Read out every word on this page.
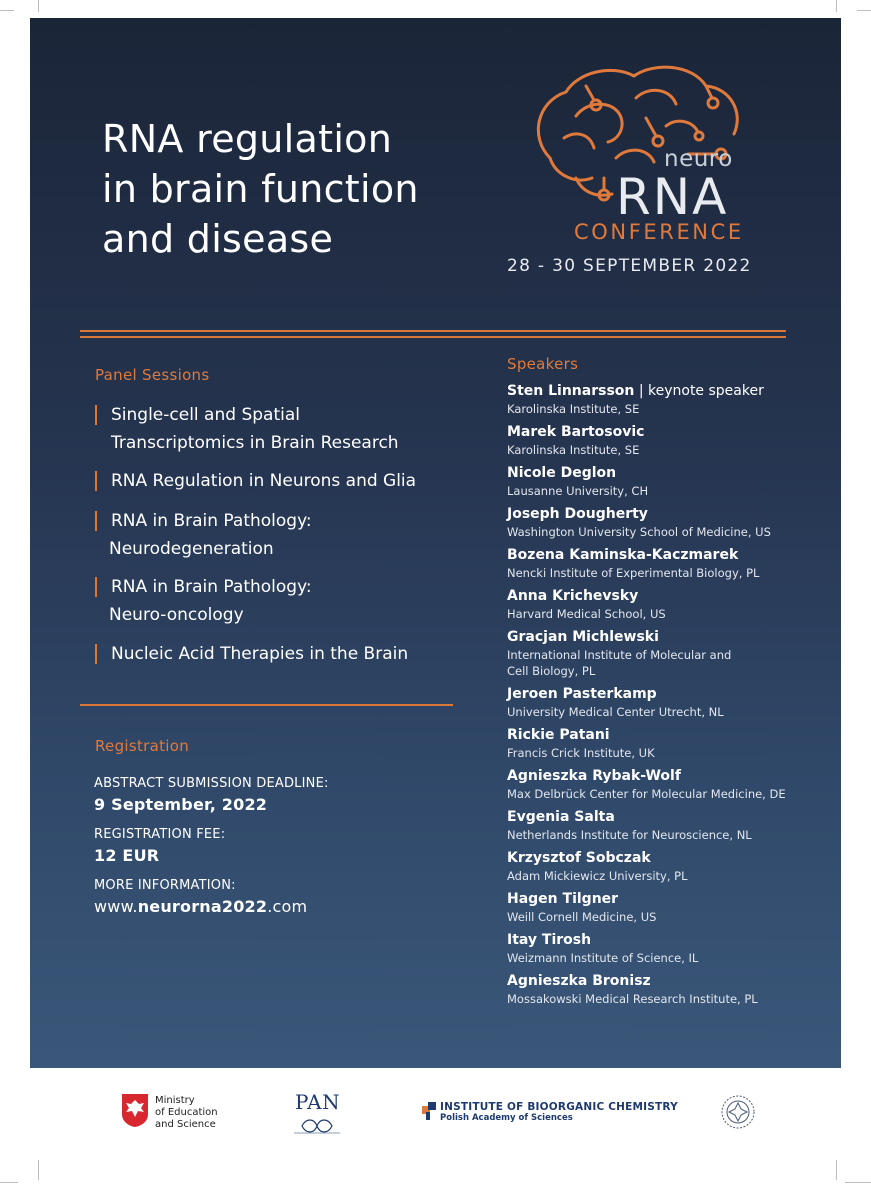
RNA regulation
in brain function
and disease
neuro
RNA
CONFERENCE
28 - 30 SEPTEMBER 2022
Panel Sessions
Single-cell and Spatial
Transcriptomics in Brain Research
RNA Regulation in Neurons and Glia
RNA in Brain Pathology:
Neurodegeneration
RNA in Brain Pathology:
Neuro-oncology
Nucleic Acid Therapies in the Brain
Registration
ABSTRACT SUBMISSION DEADLINE:
9 September, 2022
REGISTRATION FEE:
12 EUR
MORE INFORMATION:
www.neurorna2022.com
Speakers
Sten Linnarsson | keynote speaker
Karolinska Institute, SE
Marek Bartosovic
Karolinska Institute, SE
Nicole Deglon
Lausanne University, CH
Joseph Dougherty
Washington University School of Medicine, US
Bozena Kaminska-Kaczmarek
Nencki Institute of Experimental Biology, PL
Anna Krichevsky
Harvard Medical School, US
Gracjan Michlewski
International Institute of Molecular and
Cell Biology, PL
Jeroen Pasterkamp
University Medical Center Utrecht, NL
Rickie Patani
Francis Crick Institute, UK
Agnieszka Rybak-Wolf
Max Delbrück Center for Molecular Medicine, DE
Evgenia Salta
Netherlands Institute for Neuroscience, NL
Krzysztof Sobczak
Adam Mickiewicz University, PL
Hagen Tilgner
Weill Cornell Medicine, US
Itay Tirosh
Weizmann Institute of Science, IL
Agnieszka Bronisz
Mossakowski Medical Research Institute, PL
Ministry
of Education
and Science
PAN	INSTITUTE OF BIOORGANIC CHEMISTRY
Polish Academy of Sciences
